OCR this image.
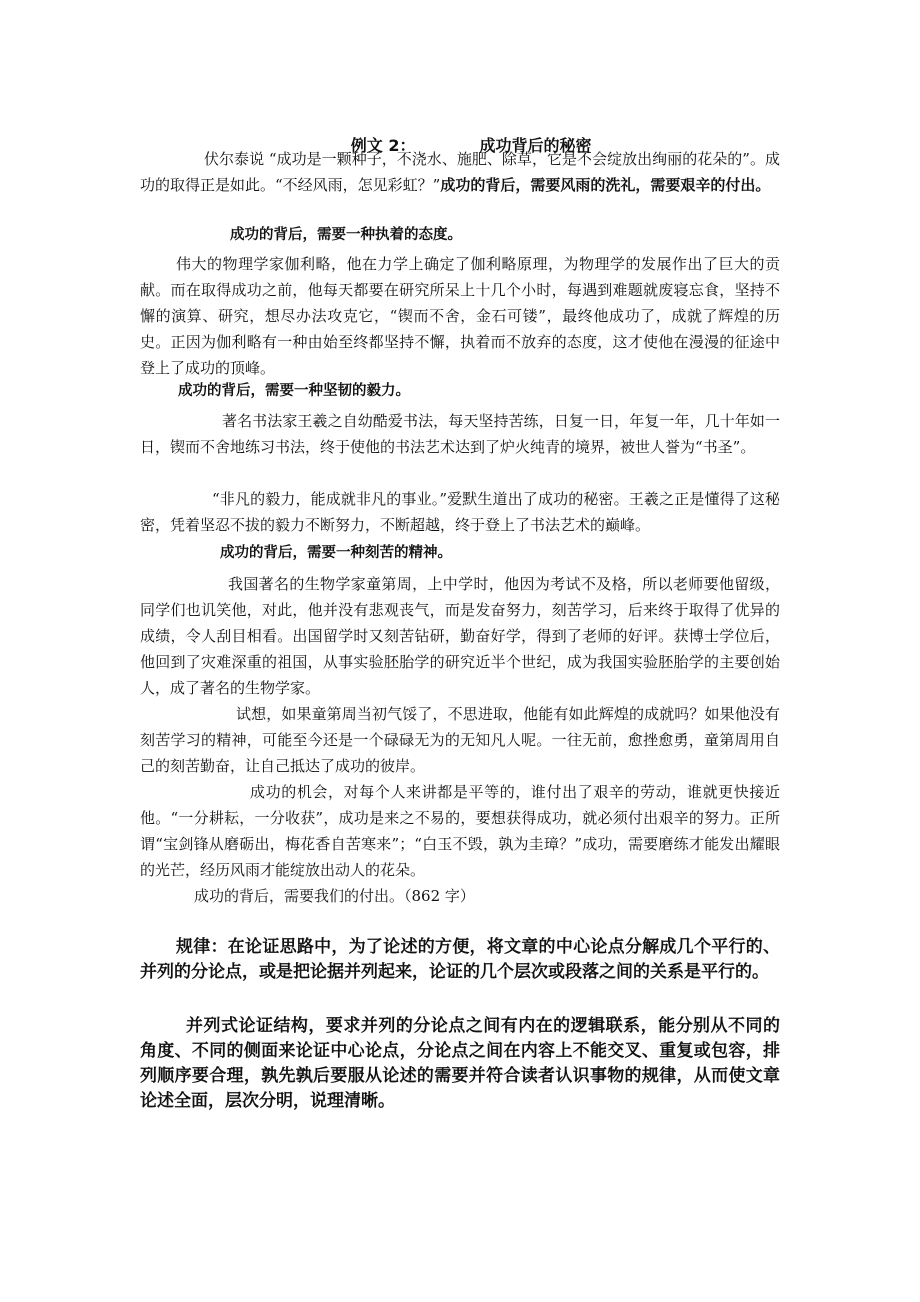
例文 2：	成功背后的秘密

伏尔泰说 “成功是一颗种子，不浇水、施肥、除草，它是不会绽放出绚丽的花朵的”。成功的取得正是如此。“不经风雨，怎见彩虹？”成功的背后，需要风雨的洗礼，需要艰辛的付出。

成功的背后，需要一种执着的态度。

伟大的物理学家伽利略，他在力学上确定了伽利略原理，为物理学的发展作出了巨大的贡献。而在取得成功之前，他每天都要在研究所呆上十几个小时，每遇到难题就废寝忘食，坚持不懈的演算、研究，想尽办法攻克它，“锲而不舍，金石可镂”，最终他成功了，成就了辉煌的历史。正因为伽利略有一种由始至终都坚持不懈，执着而不放弃的态度，这才使他在漫漫的征途中登上了成功的顶峰。

成功的背后，需要一种坚韧的毅力。

著名书法家王羲之自幼酷爱书法，每天坚持苦练，日复一日，年复一年，几十年如一日，锲而不舍地练习书法，终于使他的书法艺术达到了炉火纯青的境界，被世人誉为“书圣”。

“非凡的毅力，能成就非凡的事业。”爱默生道出了成功的秘密。王羲之正是懂得了这秘密，凭着坚忍不拔的毅力不断努力，不断超越，终于登上了书法艺术的巅峰。

成功的背后，需要一种刻苦的精神。

我国著名的生物学家童第周，上中学时，他因为考试不及格，所以老师要他留级，同学们也讥笑他，对此，他并没有悲观丧气，而是发奋努力，刻苦学习，后来终于取得了优异的成绩，令人刮目相看。出国留学时又刻苦钻研，勤奋好学，得到了老师的好评。获博士学位后，他回到了灾难深重的祖国，从事实验胚胎学的研究近半个世纪，成为我国实验胚胎学的主要创始人，成了著名的生物学家。

试想，如果童第周当初气馁了，不思进取，他能有如此辉煌的成就吗？如果他没有刻苦学习的精神，可能至今还是一个碌碌无为的无知凡人呢。一往无前，愈挫愈勇，童第周用自己的刻苦勤奋，让自己抵达了成功的彼岸。

成功的机会，对每个人来讲都是平等的，谁付出了艰辛的劳动，谁就更快接近他。“一分耕耘，一分收获”，成功是来之不易的，要想获得成功，就必须付出艰辛的努力。正所谓“宝剑锋从磨砺出，梅花香自苦寒来”；“白玉不毁，孰为圭璋？”成功，需要磨练才能发出耀眼的光芒，经历风雨才能绽放出动人的花朵。

成功的背后，需要我们的付出。（862 字）

规律：在论证思路中，为了论述的方便，将文章的中心论点分解成几个平行的、并列的分论点，或是把论据并列起来，论证的几个层次或段落之间的关系是平行的。

并列式论证结构，要求并列的分论点之间有内在的逻辑联系，能分别从不同的角度、不同的侧面来论证中心论点，分论点之间在内容上不能交叉、重复或包容，排列顺序要合理，孰先孰后要服从论述的需要并符合读者认识事物的规律，从而使文章论述全面，层次分明，说理清晰。
